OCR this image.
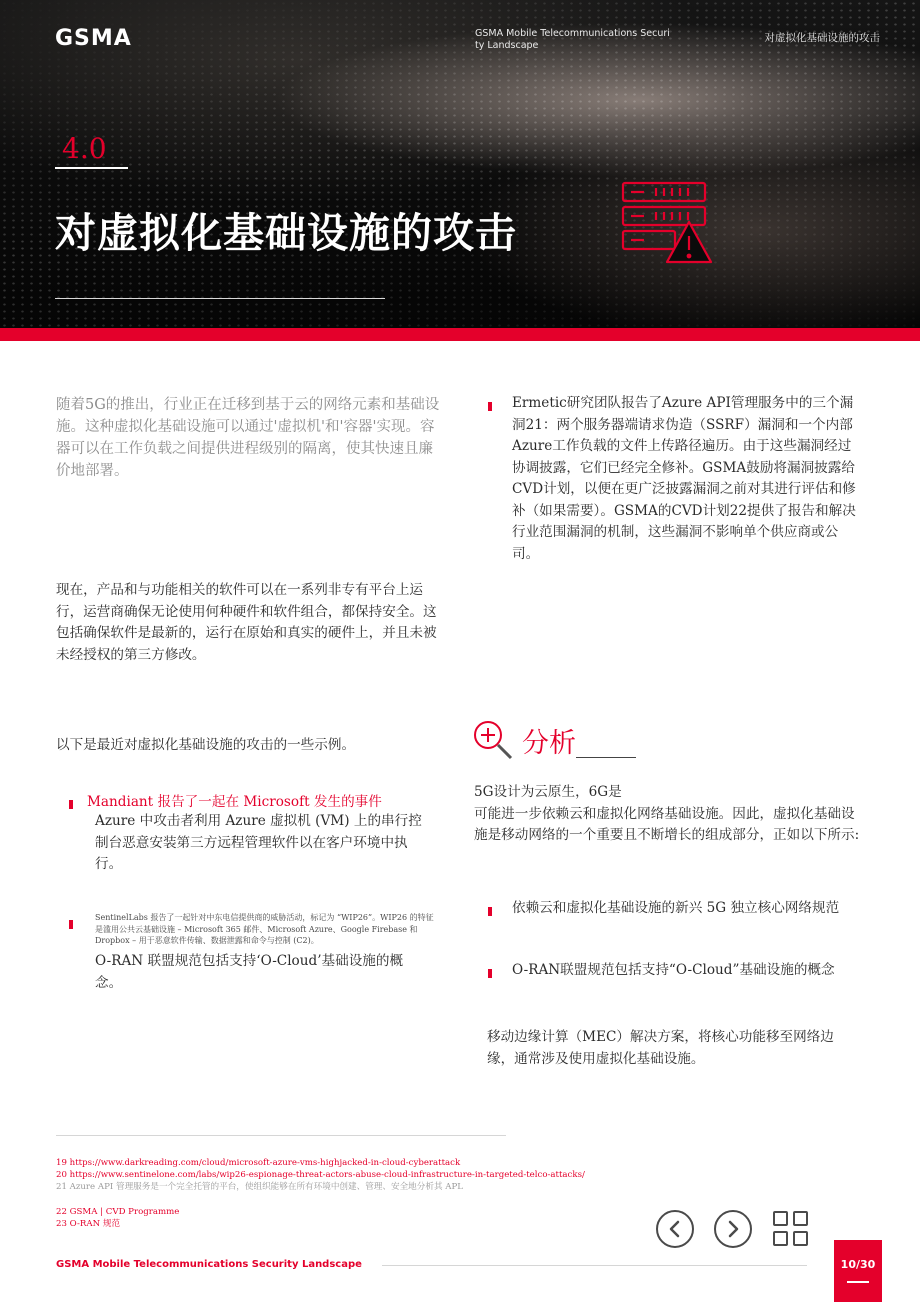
GSMA	GSMA Mobile Telecommunications Security Landscape
对虚拟化基础设施的攻击
4.0
对虚拟化基础设施的攻击
随着5G的推出，行业正在迁移到基于云的网络元素和基础设施。这种虚拟化基础设施可以通过'虚拟机'和'容器'实现。容器可以在工作负载之间提供进程级别的隔离，使其快速且廉价地部署。
现在，产品和与功能相关的软件可以在一系列非专有平台上运行，运营商确保无论使用何种硬件和软件组合，都保持安全。这包括确保软件是最新的，运行在原始和真实的硬件上，并且未被未经授权的第三方修改。
以下是最近对虚拟化基础设施的攻击的一些示例。
Mandiant 报告了一起在 Microsoft 发生的事件
Azure 中攻击者利用 Azure 虚拟机 (VM) 上的串行控制台恶意安装第三方远程管理软件以在客户环境中执行。
SentinelLabs 报告了一起针对中东电信提供商的威胁活动，标记为 “WIP26”。WIP26 的特征是滥用公共云基础设施 – Microsoft 365 邮件、Microsoft Azure、Google Firebase 和 Dropbox – 用于恶意软件传输、数据泄露和命令与控制 (C2)。
O-RAN 联盟规范包括支持‘O-Cloud’基础设施的概念。
Ermetic研究团队报告了Azure API管理服务中的三个漏洞21：两个服务器端请求伪造（SSRF）漏洞和一个内部Azure工作负载的文件上传路径遍历。由于这些漏洞经过协调披露，它们已经完全修补。GSMA鼓励将漏洞披露给CVD计划，以便在更广泛披露漏洞之前对其进行评估和修补（如果需要）。GSMA的CVD计划22提供了报告和解决行业范围漏洞的机制，这些漏洞不影响单个供应商或公司。
分析
5G设计为云原生，6G是
可能进一步依赖云和虚拟化网络基础设施。因此，虚拟化基础设施是移动网络的一个重要且不断增长的组成部分，正如以下所示:
依赖云和虚拟化基础设施的新兴 5G 独立核心网络规范
O-RAN联盟规范包括支持“O-Cloud”基础设施的概念
移动边缘计算（MEC）解决方案，将核心功能移至网络边缘，通常涉及使用虚拟化基础设施。
19 https://www.darkreading.com/cloud/microsoft-azure-vms-highjacked-in-cloud-cyberattack
20 https://www.sentinelone.com/labs/wip26-espionage-threat-actors-abuse-cloud-infrastructure-in-targeted-telco-attacks/
21 Azure API 管理服务是一个完全托管的平台，使组织能够在所有环境中创建、管理、安全地分析其 APL
22 GSMA | CVD Programme
23 O-RAN 规范
GSMA Mobile Telecommunications Security Landscape	10/30
